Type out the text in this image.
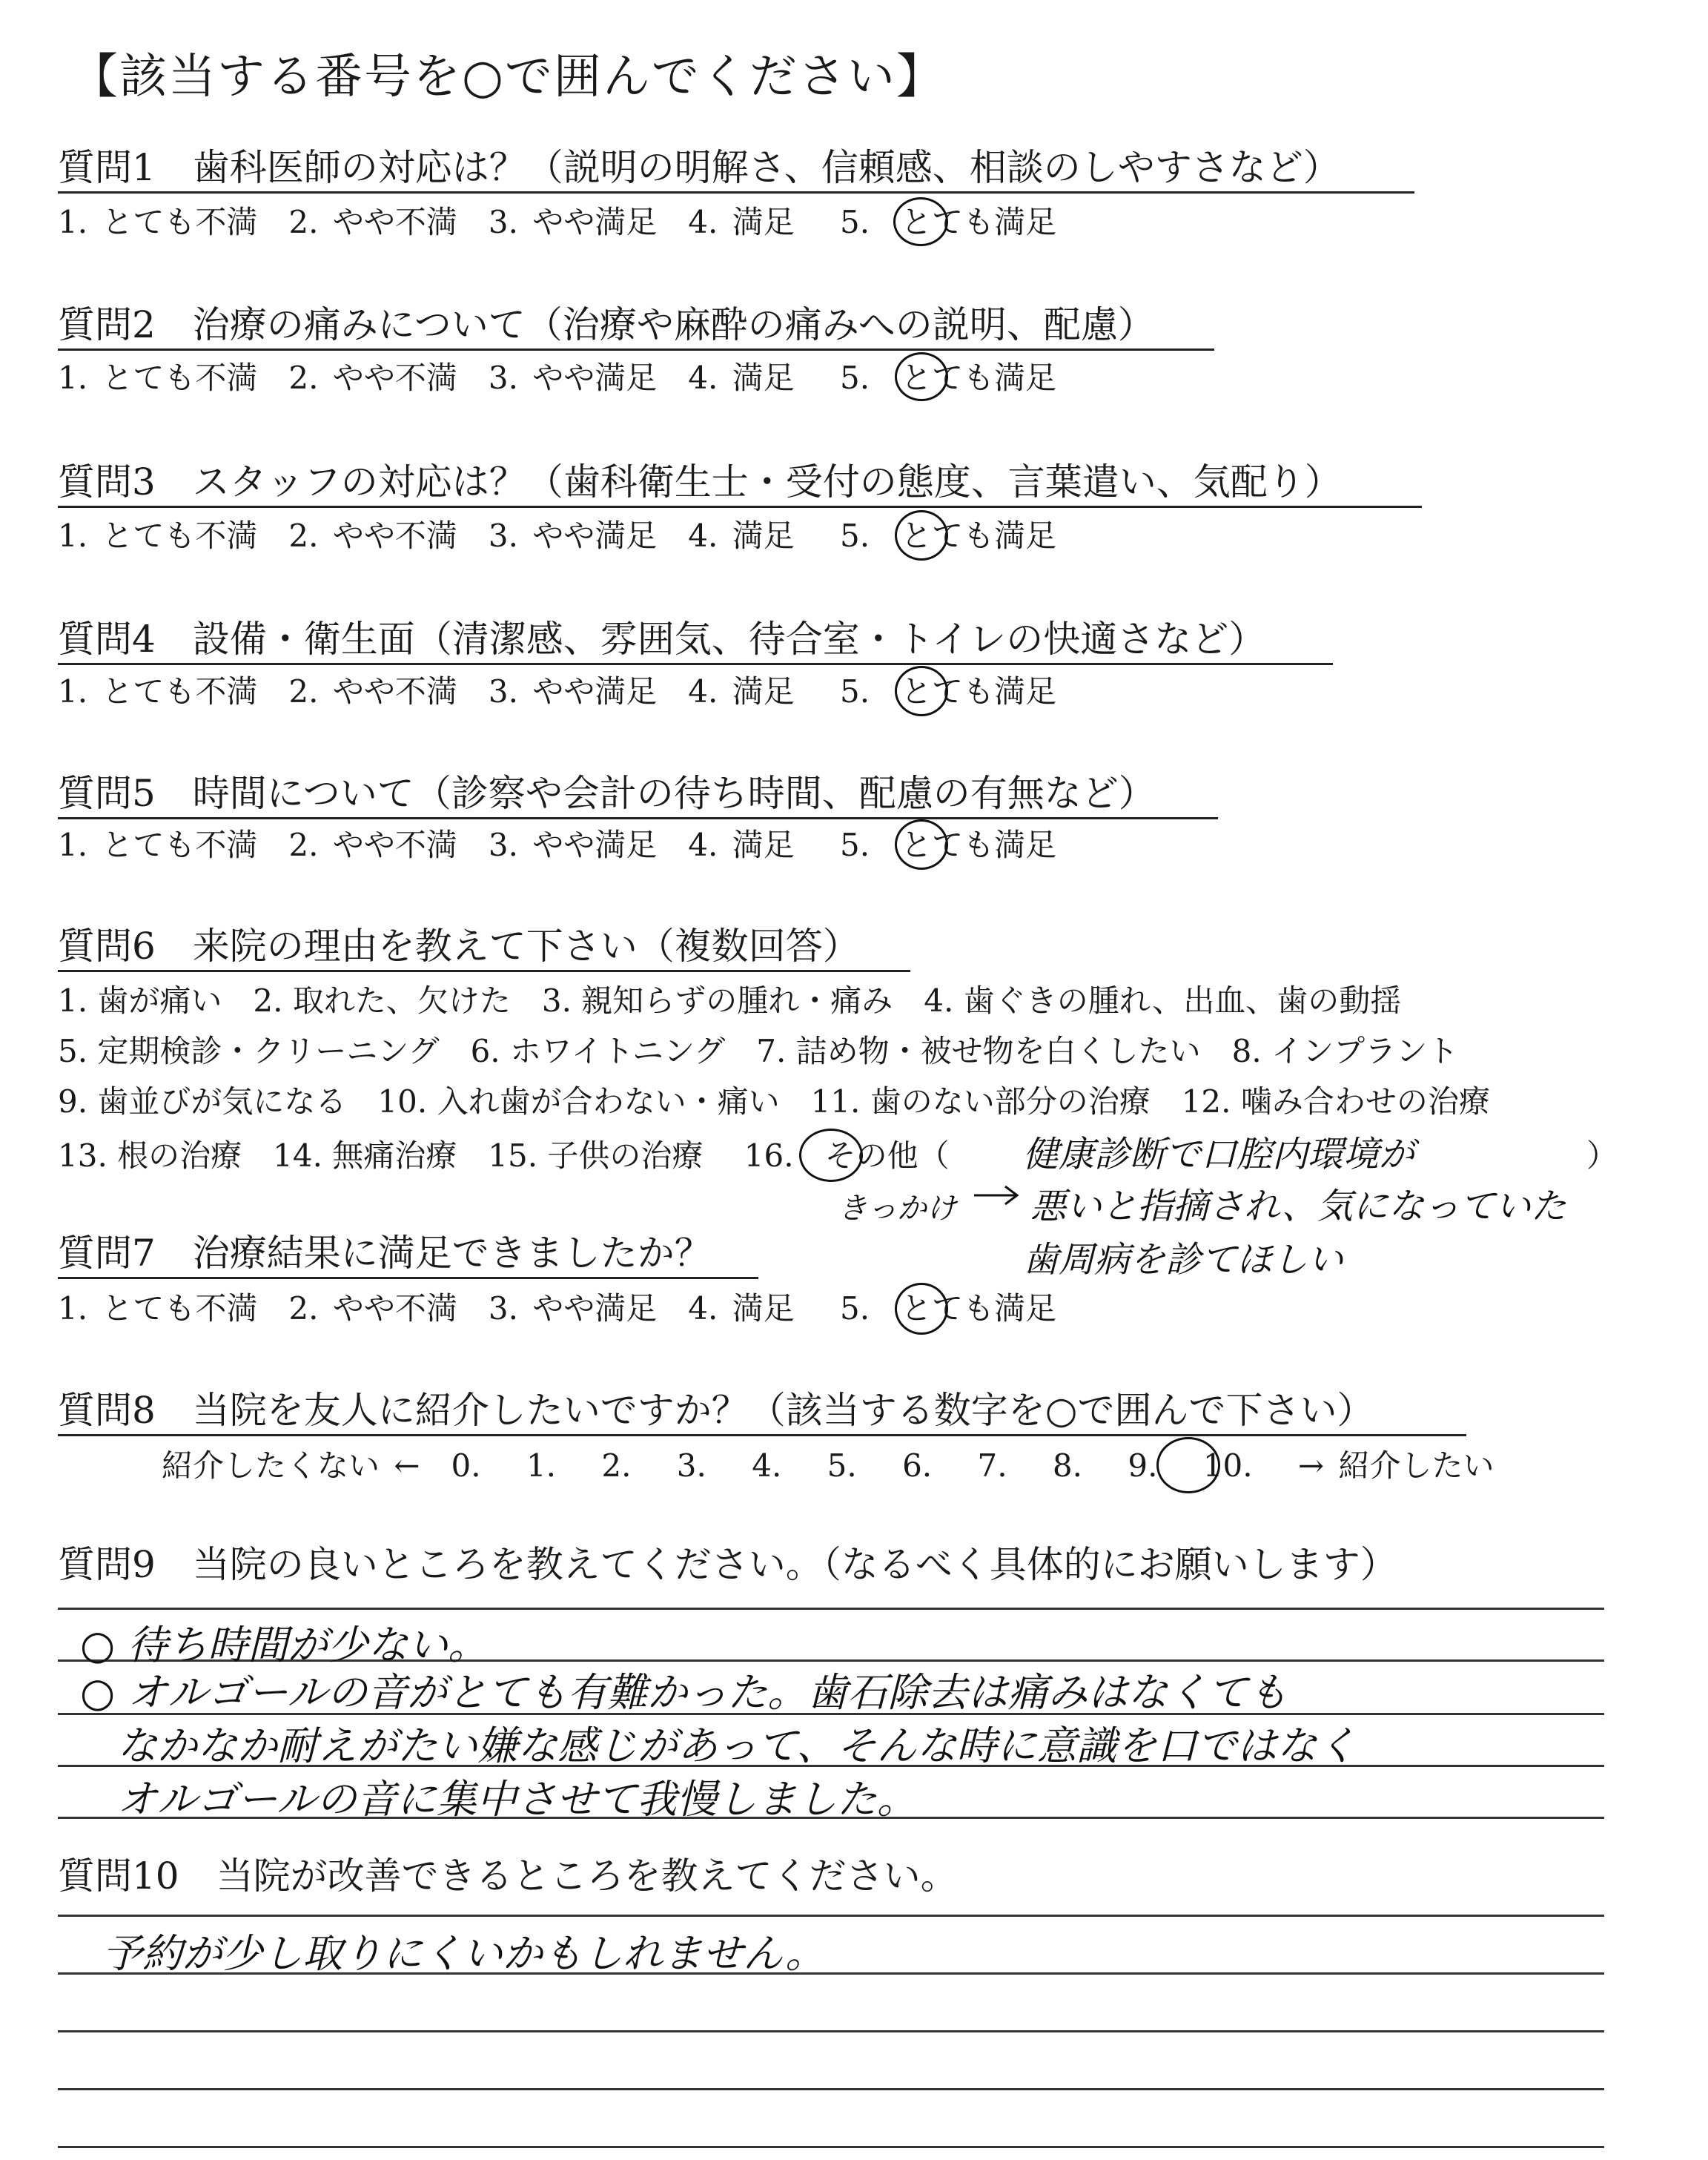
【該当する番号を○で囲んでください】
質問1　歯科医師の対応は？（説明の明解さ、信頼感、相談のしやすさなど）
1. とても不満　2. やや不満　3. やや満足　4. 満足　 5.　とても満足
質問2　治療の痛みについて（治療や麻酔の痛みへの説明、配慮）
1. とても不満　2. やや不満　3. やや満足　4. 満足　 5.　とても満足
質問3　スタッフの対応は？（歯科衛生士・受付の態度、言葉遣い、気配り）
1. とても不満　2. やや不満　3. やや満足　4. 満足　 5.　とても満足
質問4　設備・衛生面（清潔感、雰囲気、待合室・トイレの快適さなど）
1. とても不満　2. やや不満　3. やや満足　4. 満足　 5.　とても満足
質問5　時間について（診察や会計の待ち時間、配慮の有無など）
1. とても不満　2. やや不満　3. やや満足　4. 満足　 5.　とても満足
質問6　来院の理由を教えて下さい（複数回答）
1. 歯が痛い　2. 取れた、欠けた　3. 親知らずの腫れ・痛み　4. 歯ぐきの腫れ、出血、歯の動揺
5. 定期検診・クリーニング　6. ホワイトニング　7. 詰め物・被せ物を白くしたい　8. インプラント
9. 歯並びが気になる　10. 入れ歯が合わない・痛い　11. 歯のない部分の治療　12. 噛み合わせの治療
13. 根の治療　14. 無痛治療　15. 子供の治療　 16.　その他（ 健康診断で口腔内環境が	）
きっかけ 悪いと指摘され、気になっていた
歯周病を診てほしい
質問7　治療結果に満足できましたか？
1. とても不満　2. やや不満　3. やや満足　4. 満足　 5.　とても満足
質問8　当院を友人に紹介したいですか？（該当する数字を○で囲んで下さい）
紹介したくない ←　0.　 1.　 2.　 3.　 4.　 5.　 6.　 7.　 8.　 9.　 10.　 → 紹介したい
質問9　当院の良いところを教えてください。（なるべく具体的にお願いします）
○ 待ち時間が少ない。
○ オルゴールの音がとても有難かった。歯石除去は痛みはなくても
なかなか耐えがたい嫌な感じがあって、そんな時に意識を口ではなく
オルゴールの音に集中させて我慢しました。
質問10　当院が改善できるところを教えてください。
予約が少し取りにくいかもしれません。
